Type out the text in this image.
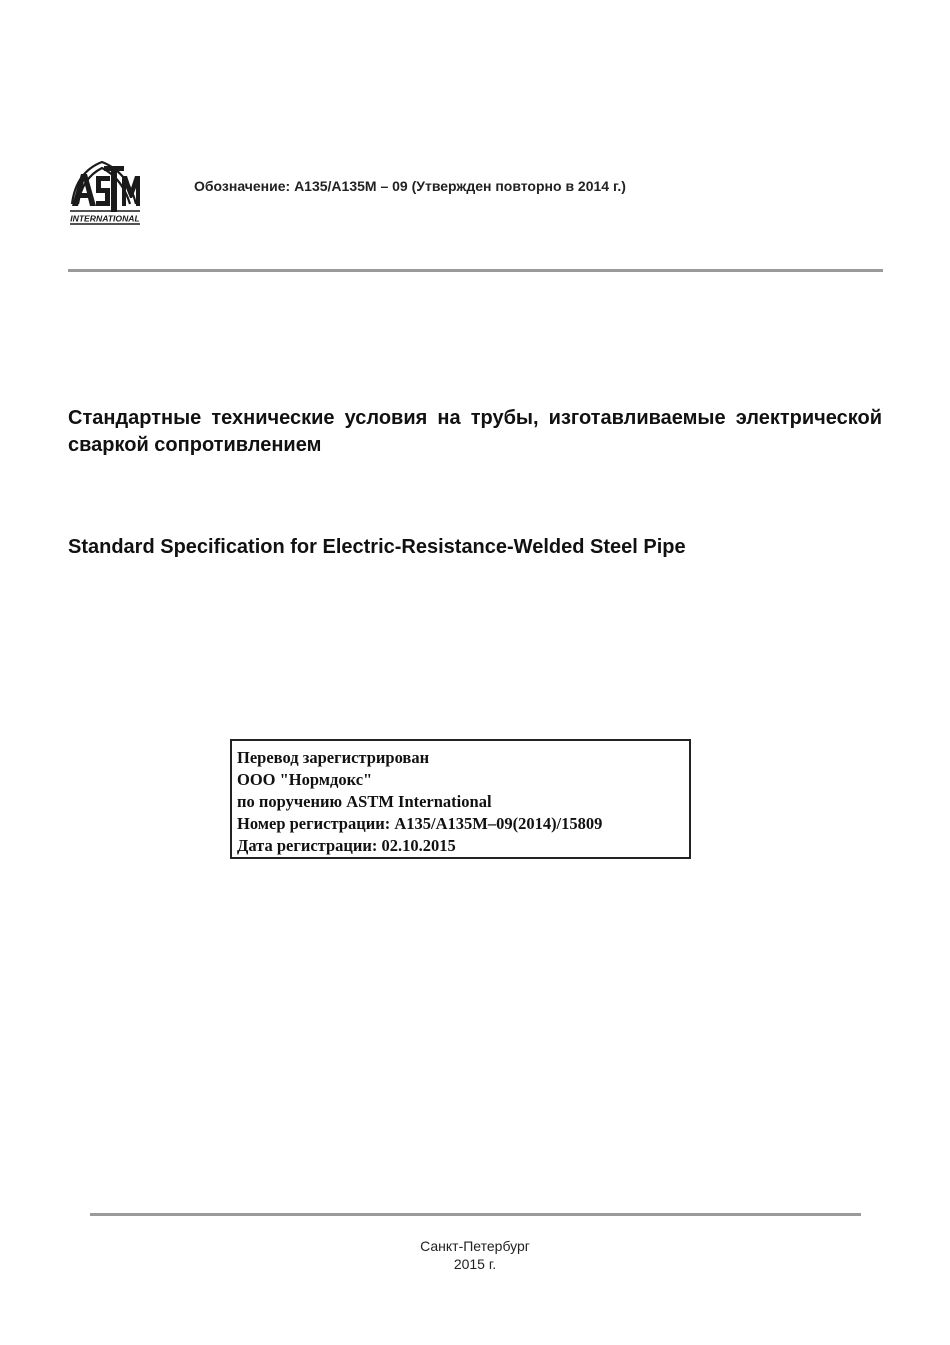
INTERNATIONAL
Обозначение: A135/A135M – 09 (Утвержден повторно в 2014 г.)
Стандартные технические условия на трубы, изготавливаемые электрической сваркой сопротивлением
Standard Specification for Electric-Resistance-Welded Steel Pipe
Перевод зарегистрирован
ООО "Нормдокс"
по поручению ASTM International
Номер регистрации: A135/A135M–09(2014)/15809
Дата регистрации: 02.10.2015
Санкт-Петербург
2015 г.
